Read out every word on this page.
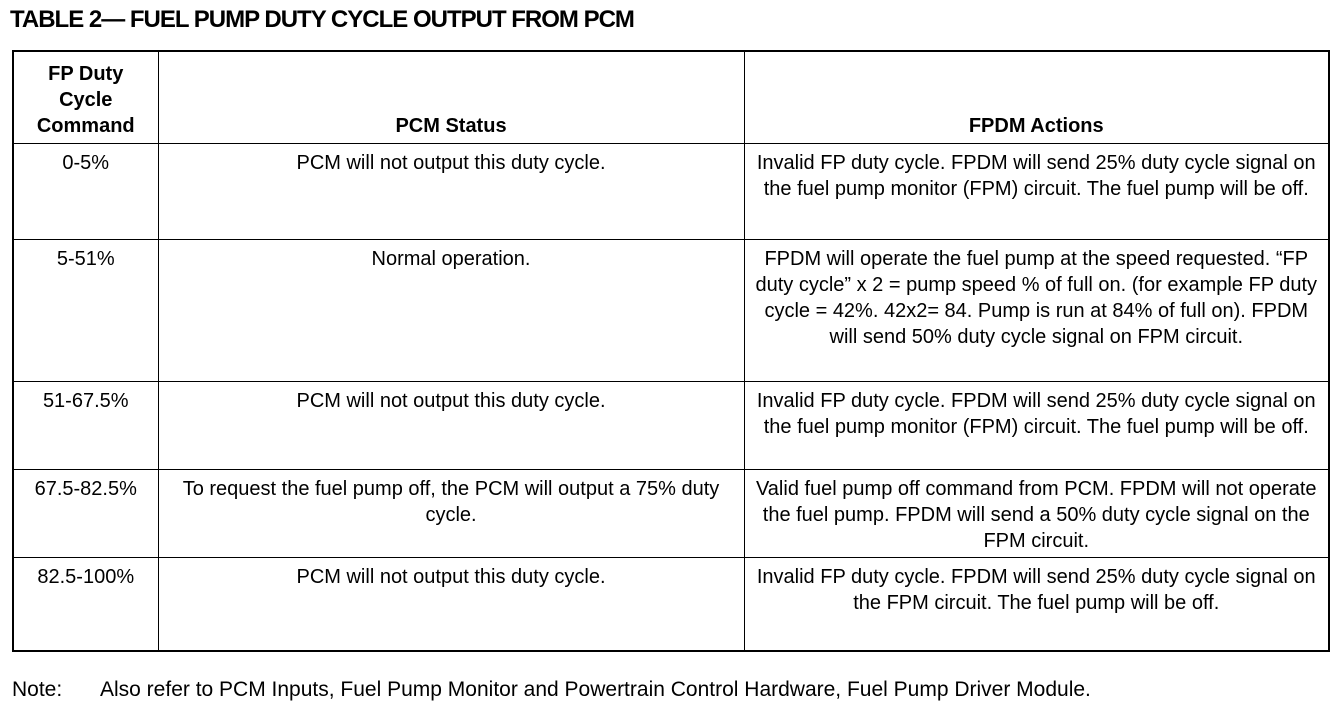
TABLE 2— FUEL PUMP DUTY CYCLE OUTPUT FROM PCM
FP Duty
Cycle
Command	PCM Status	FPDM Actions
0-5%	PCM will not output this duty cycle.	Invalid FP duty cycle. FPDM will send 25% duty cycle signal on the fuel pump monitor (FPM) circuit. The fuel pump will be off.
5-51%	Normal operation.	FPDM will operate the fuel pump at the speed requested. “FP duty cycle” x 2 = pump speed % of full on. (for example FP duty cycle = 42%. 42x2= 84. Pump is run at 84% of full on). FPDM will send 50% duty cycle signal on FPM circuit.
51-67.5%	PCM will not output this duty cycle.	Invalid FP duty cycle. FPDM will send 25% duty cycle signal on the fuel pump monitor (FPM) circuit. The fuel pump will be off.
67.5-82.5%	To request the fuel pump off, the PCM will output a 75% duty cycle.	Valid fuel pump off command from PCM. FPDM will not operate the fuel pump. FPDM will send a 50% duty cycle signal on the FPM circuit.
82.5-100%	PCM will not output this duty cycle.	Invalid FP duty cycle. FPDM will send 25% duty cycle signal on the FPM circuit. The fuel pump will be off.
Note: Also refer to PCM Inputs, Fuel Pump Monitor and Powertrain Control Hardware, Fuel Pump Driver Module.
